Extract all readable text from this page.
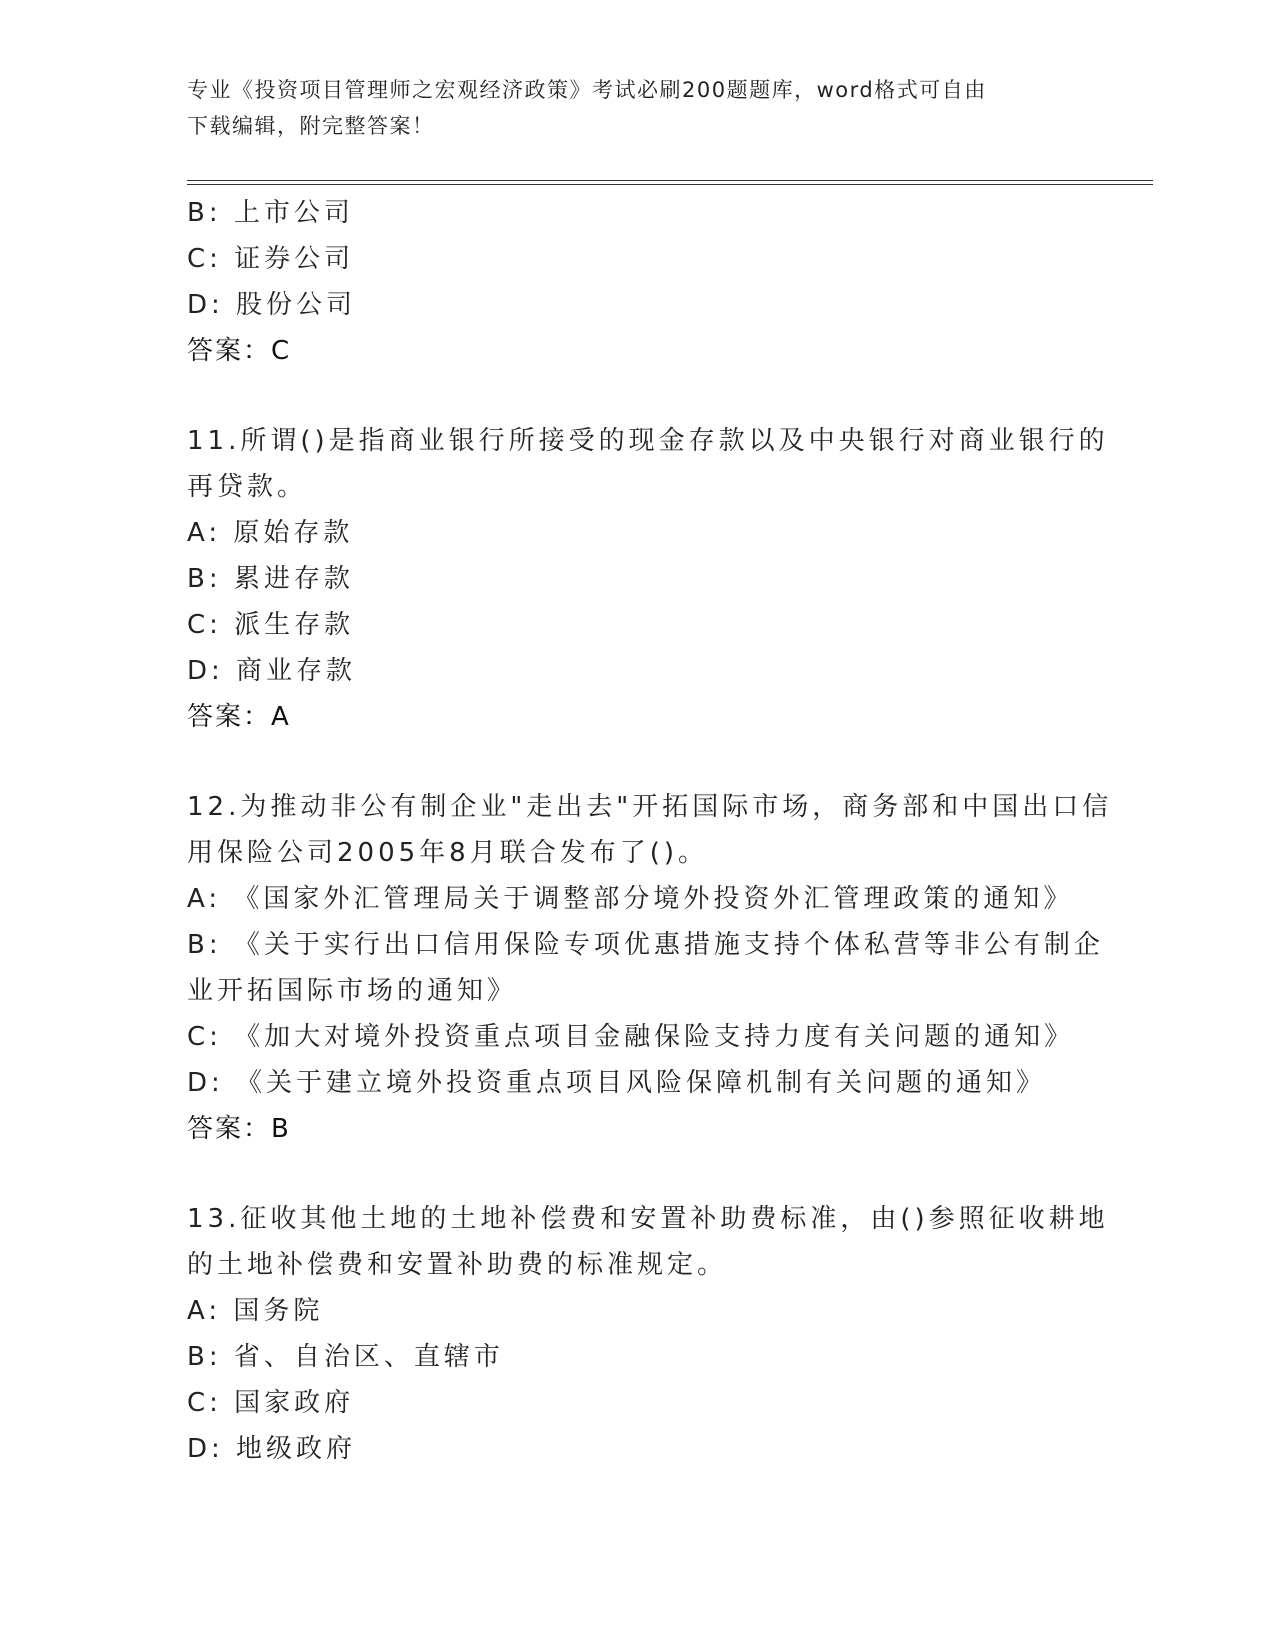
专业《投资项目管理师之宏观经济政策》考试必刷200题题库，word格式可自由
下载编辑，附完整答案！
B: 上市公司
C: 证券公司
D: 股份公司
答案：C
11.所谓()是指商业银行所接受的现金存款以及中央银行对商业银行的
再贷款。
A: 原始存款
B: 累进存款
C: 派生存款
D: 商业存款
答案：A
12.为推动非公有制企业"走出去"开拓国际市场，商务部和中国出口信
用保险公司2005年8月联合发布了()。
A: 《国家外汇管理局关于调整部分境外投资外汇管理政策的通知》
B: 《关于实行出口信用保险专项优惠措施支持个体私营等非公有制企
业开拓国际市场的通知》
C: 《加大对境外投资重点项目金融保险支持力度有关问题的通知》
D: 《关于建立境外投资重点项目风险保障机制有关问题的通知》
答案：B
13.征收其他土地的土地补偿费和安置补助费标准，由()参照征收耕地
的土地补偿费和安置补助费的标准规定。
A: 国务院
B: 省、自治区、直辖市
C: 国家政府
D: 地级政府
